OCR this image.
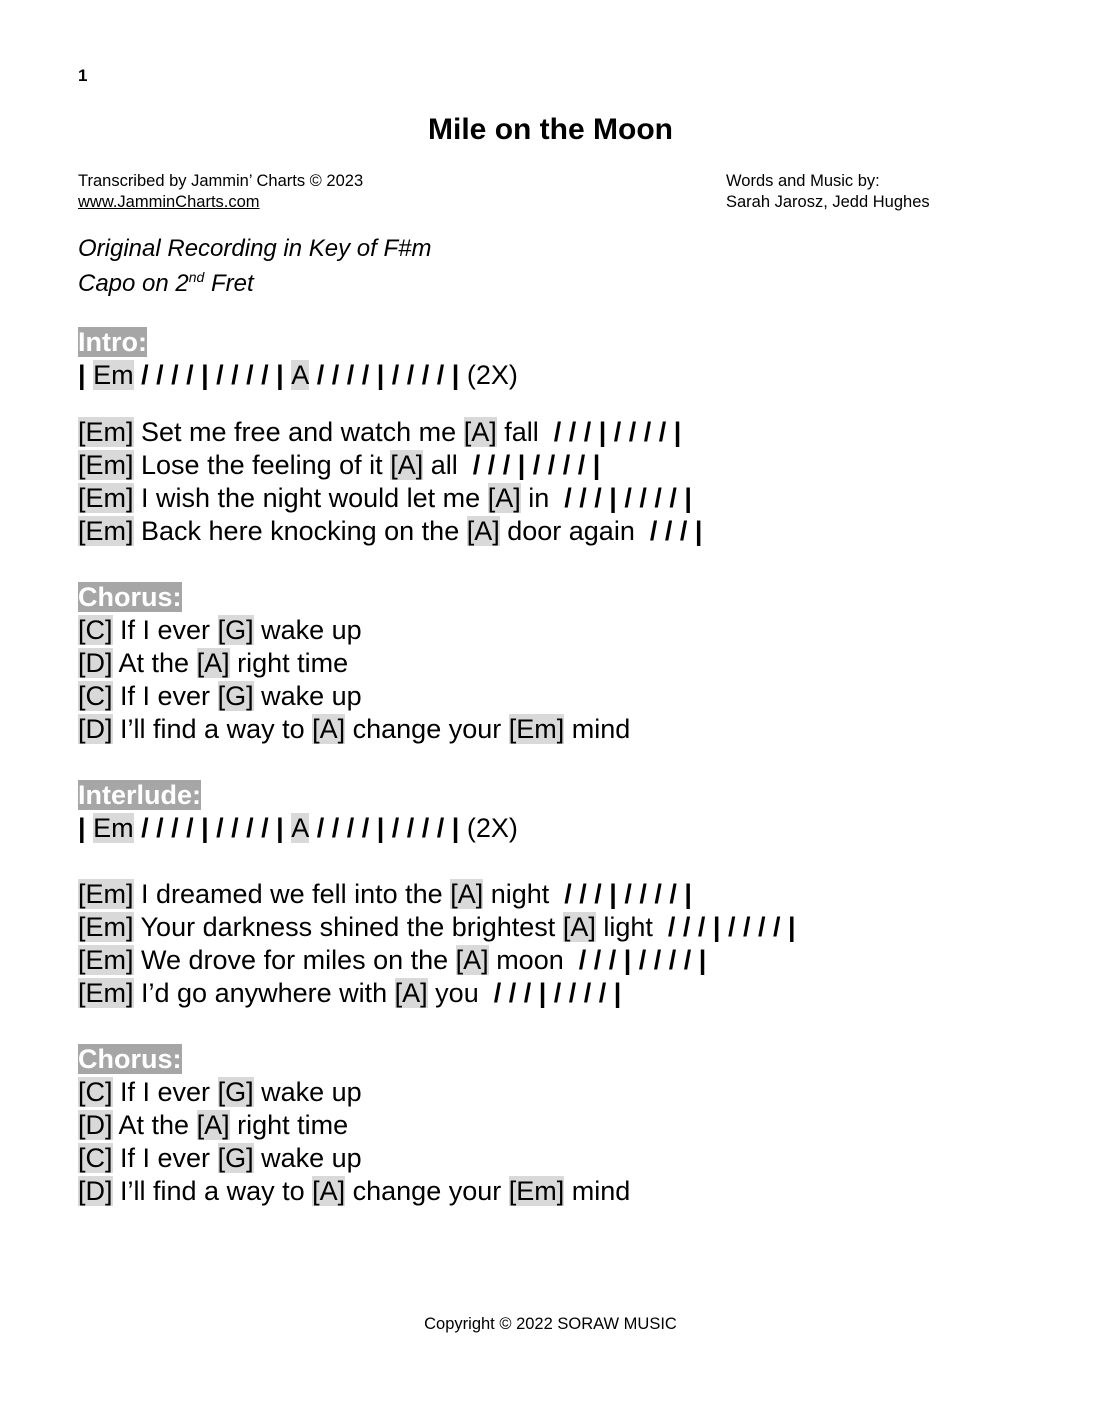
1
Mile on the Moon
Transcribed by Jammin’ Charts © 2023
www.JamminCharts.com
Words and Music by:
Sarah Jarosz, Jedd Hughes
Original Recording in Key of F#m
Capo on 2nd Fret
Intro:
| Em / / / / | / / / / | A / / / / | / / / / | (2X)
[Em] Set me free and watch me [A] fall  / / / | / / / / |
[Em] Lose the feeling of it [A] all  / / / | / / / / |
[Em] I wish the night would let me [A] in  / / / | / / / / |
[Em] Back here knocking on the [A] door again  / / / |
Chorus:
[C] If I ever [G] wake up
[D] At the [A] right time
[C] If I ever [G] wake up
[D] I’ll find a way to [A] change your [Em] mind
Interlude:
| Em / / / / | / / / / | A / / / / | / / / / | (2X)
[Em] I dreamed we fell into the [A] night  / / / | / / / / |
[Em] Your darkness shined the brightest [A] light  / / / | / / / / |
[Em] We drove for miles on the [A] moon  / / / | / / / / |
[Em] I’d go anywhere with [A] you  / / / | / / / / |
Chorus:
[C] If I ever [G] wake up
[D] At the [A] right time
[C] If I ever [G] wake up
[D] I’ll find a way to [A] change your [Em] mind
Copyright © 2022 SORAW MUSIC
